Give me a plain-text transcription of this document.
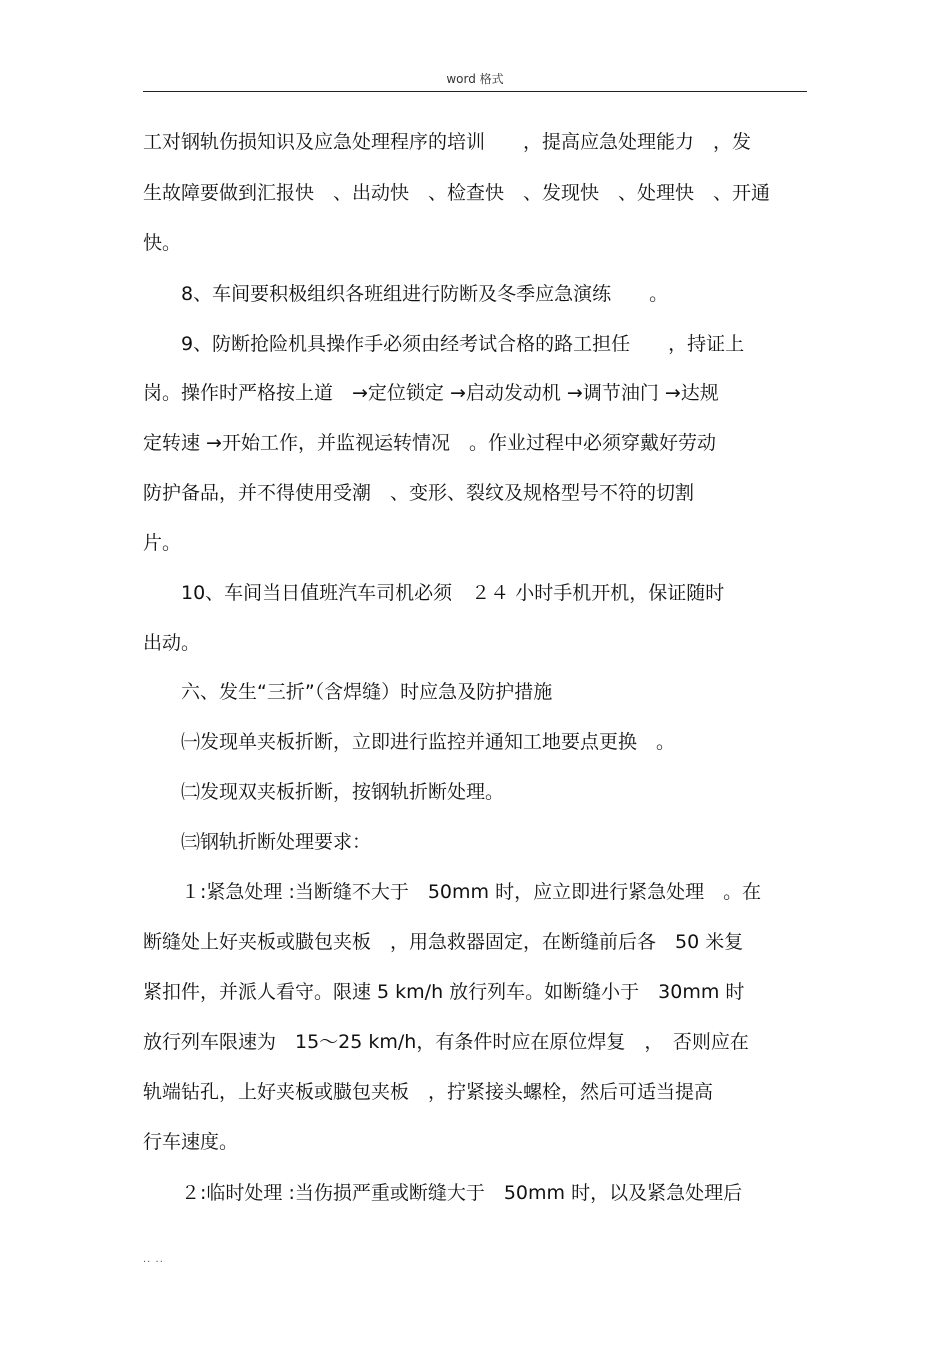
word 格式
工对钢轨伤损知识及应急处理程序的培训　　，提高应急处理能力　，发
生故障要做到汇报快　、出动快　、检查快　、发现快　、处理快　、开通
快。
　　8、车间要积极组织各班组进行防断及冬季应急演练　　。
　　9、防断抢险机具操作手必须由经考试合格的路工担任　　，持证上
岗。操作时严格按上道　→定位锁定 →启动发动机 →调节油门 →达规
定转速 →开始工作，并监视运转情况　。作业过程中必须穿戴好劳动
防护备品，并不得使用受潮　、变形、裂纹及规格型号不符的切割
片。
　　10、车间当日值班汽车司机必须　２４ 小时手机开机，保证随时
出动。
　　六、发生“三折”（含焊缝）时应急及防护措施
　　㈠发现单夹板折断，立即进行监控并通知工地要点更换　。
　　㈡发现双夹板折断，按钢轨折断处理。
　　㈢钢轨折断处理要求：
　　１:紧急处理 :当断缝不大于　50mm 时，应立即进行紧急处理　。在
断缝处上好夹板或臌包夹板　，用急救器固定，在断缝前后各　50 米复
紧扣件，并派人看守。限速 5 km/h 放行列车。如断缝小于　30mm 时
放行列车限速为　15～25 km/h，有条件时应在原位焊复　，　否则应在
轨端钻孔，上好夹板或臌包夹板　，拧紧接头螺栓，然后可适当提高
行车速度。
　　２:临时处理 :当伤损严重或断缝大于　50mm 时，以及紧急处理后
.. ..
